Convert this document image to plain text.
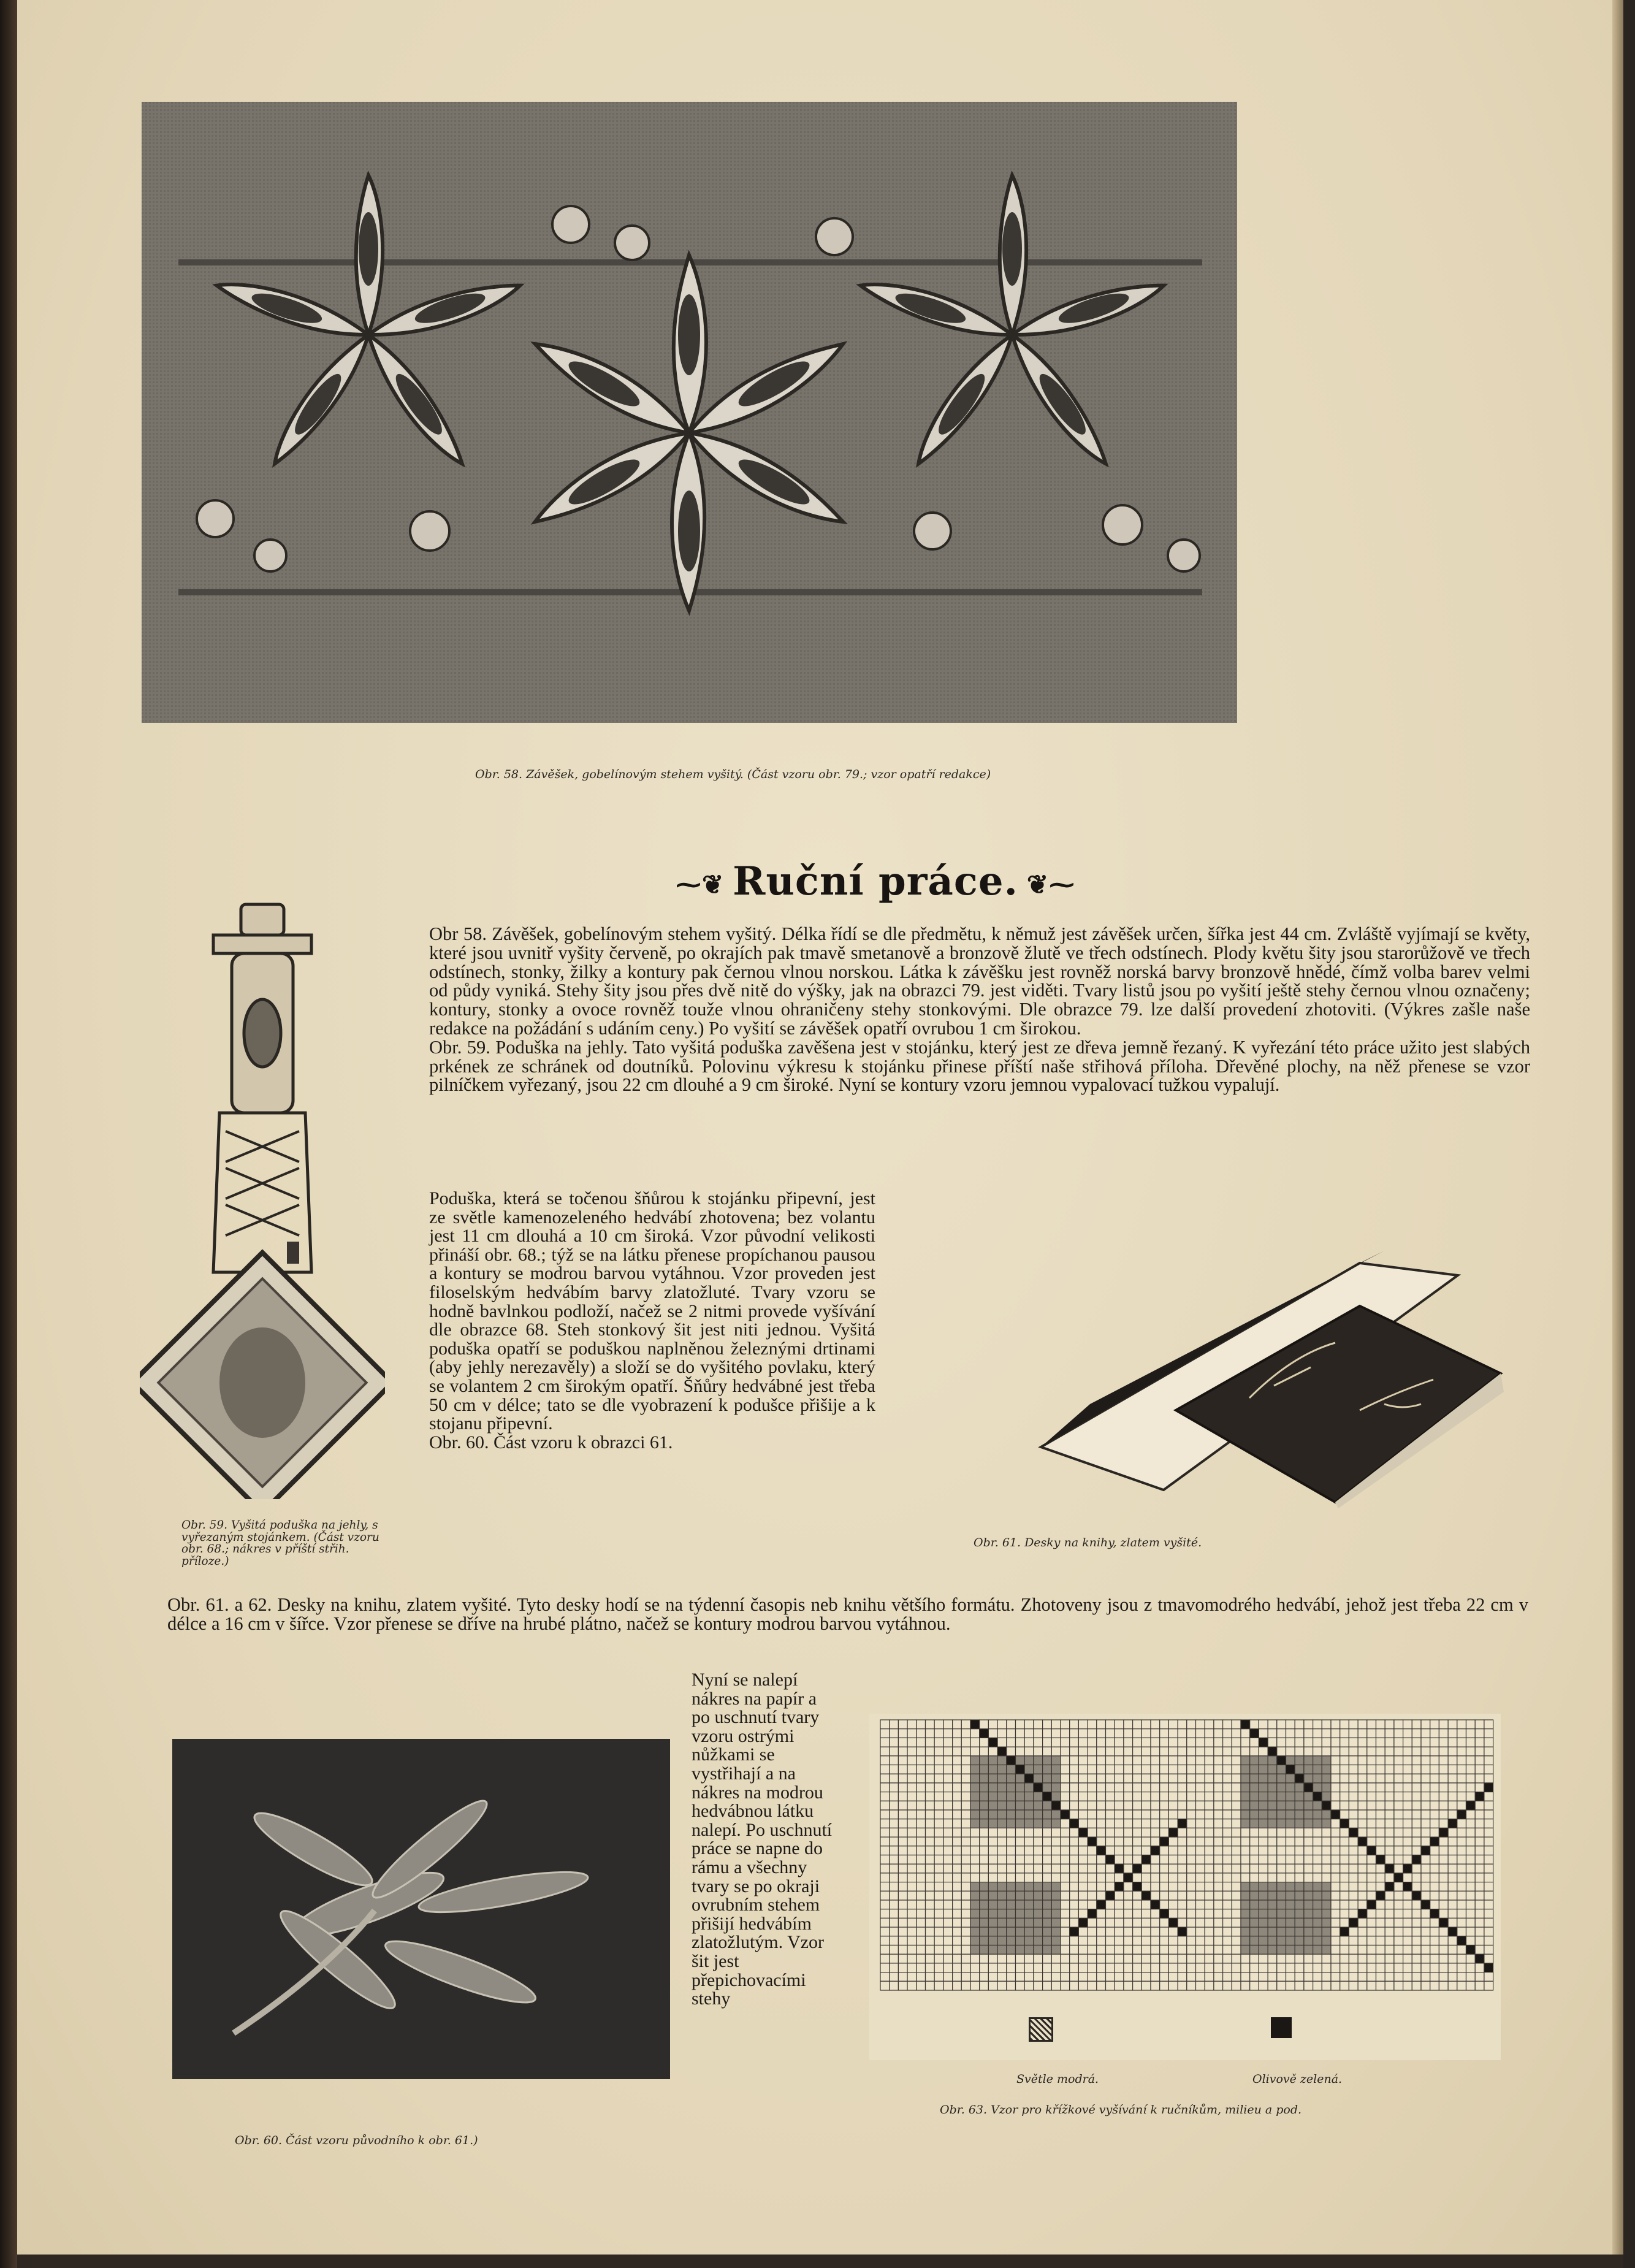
Obr. 58. Závěšek, gobelínovým stehem vyšitý. (Část vzoru obr. 79.; vzor opatří redakce)
⁓❦ Ruční práce. ❦⁓
Obr. 59. Vyšitá poduška na jehly, s vyřezaným stojánkem. (Část vzoru obr. 68.; nákres v příští střih. příloze.)

Obr 58. Závěšek, gobelínovým stehem vyšitý. Délka řídí se dle předmětu, k němuž jest závěšek určen, šířka jest 44 cm. Zvláště vyjímají se květy, které jsou uvnitř vyšity červeně, po okrajích pak tmavě smetanově a bronzově žlutě ve třech odstínech. Plody květu šity jsou starorůžově ve třech odstínech, stonky, žilky a kontury pak černou vlnou norskou. Látka k závěšku jest rovněž norská barvy bronzově hnědé, čímž volba barev velmi od půdy vyniká. Stehy šity jsou přes dvě nitě do výšky, jak na obrazci 79. jest viděti. Tvary listů jsou po vyšití ještě stehy černou vlnou označeny; kontury, stonky a ovoce rovněž touže vlnou ohraničeny stehy stonkovými. Dle obrazce 79. lze další provedení zhotoviti. (Výkres zašle naše redakce na požádání s udáním ceny.) Po vyšití se závěšek opatří ovrubou 1 cm širokou.

Obr. 59. Poduška na jehly. Tato vyšitá poduška zavěšena jest v stojánku, který jest ze dřeva jemně řezaný. K vyřezání této práce užito jest slabých prkének ze schránek od doutníků. Polovinu výkresu k stojánku přinese příští naše střihová příloha. Dřevěné plochy, na něž přenese se vzor pilníčkem vyřezaný, jsou 22 cm dlouhé a 9 cm široké. Nyní se kontury vzoru jemnou vypalovací tužkou vypalují.

Poduška, která se točenou šňůrou k stojánku připevní, jest ze světle kamenozeleného hedvábí zhotovena; bez volantu jest 11 cm dlouhá a 10 cm široká. Vzor původní velikosti přináší obr. 68.; týž se na látku přenese propíchanou pausou a kontury se modrou barvou vytáhnou. Vzor proveden jest filoselským hedvábím barvy zlatožluté. Tvary vzoru se hodně bavlnkou podloží, načež se 2 nitmi provede vyšívání dle obrazce 68. Steh stonkový šit jest niti jednou. Vyšitá poduška opatří se poduškou naplněnou železnými drtinami (aby jehly nerezavěly) a složí se do vyšitého povlaku, který se volantem 2 cm širokým opatří. Šňůry hedvábné jest třeba 50 cm v délce; tato se dle vyobrazení k podušce přišije a k stojanu připevní.

Obr. 60. Část vzoru k obrazci 61.

Obr. 61. Desky na knihy, zlatem vyšité.

Obr. 61. a 62. Desky na knihu, zlatem vyšité. Tyto desky hodí se na týdenní časopis neb knihu většího formátu. Zhotoveny jsou z tmavomodrého hedvábí, jehož jest třeba 22 cm v délce a 16 cm v šířce. Vzor přenese se dříve na hrubé plátno, načež se kontury modrou barvou vytáhnou.

Obr. 60. Část vzoru původního k obr. 61.)

Nyní se nalepí nákres na papír a po uschnutí tvary vzoru ostrými nůžkami se vystřihají a na nákres na modrou hedvábnou látku nalepí. Po uschnutí práce se napne do rámu a všechny tvary se po okraji ovrubním stehem přišijí hedvábím zlatožlutým. Vzor šit jest přepichovacími stehy

Světle modrá.	Olivově zelená.
Obr. 63. Vzor pro křížkové vyšívání k ručníkům, milieu a pod.
